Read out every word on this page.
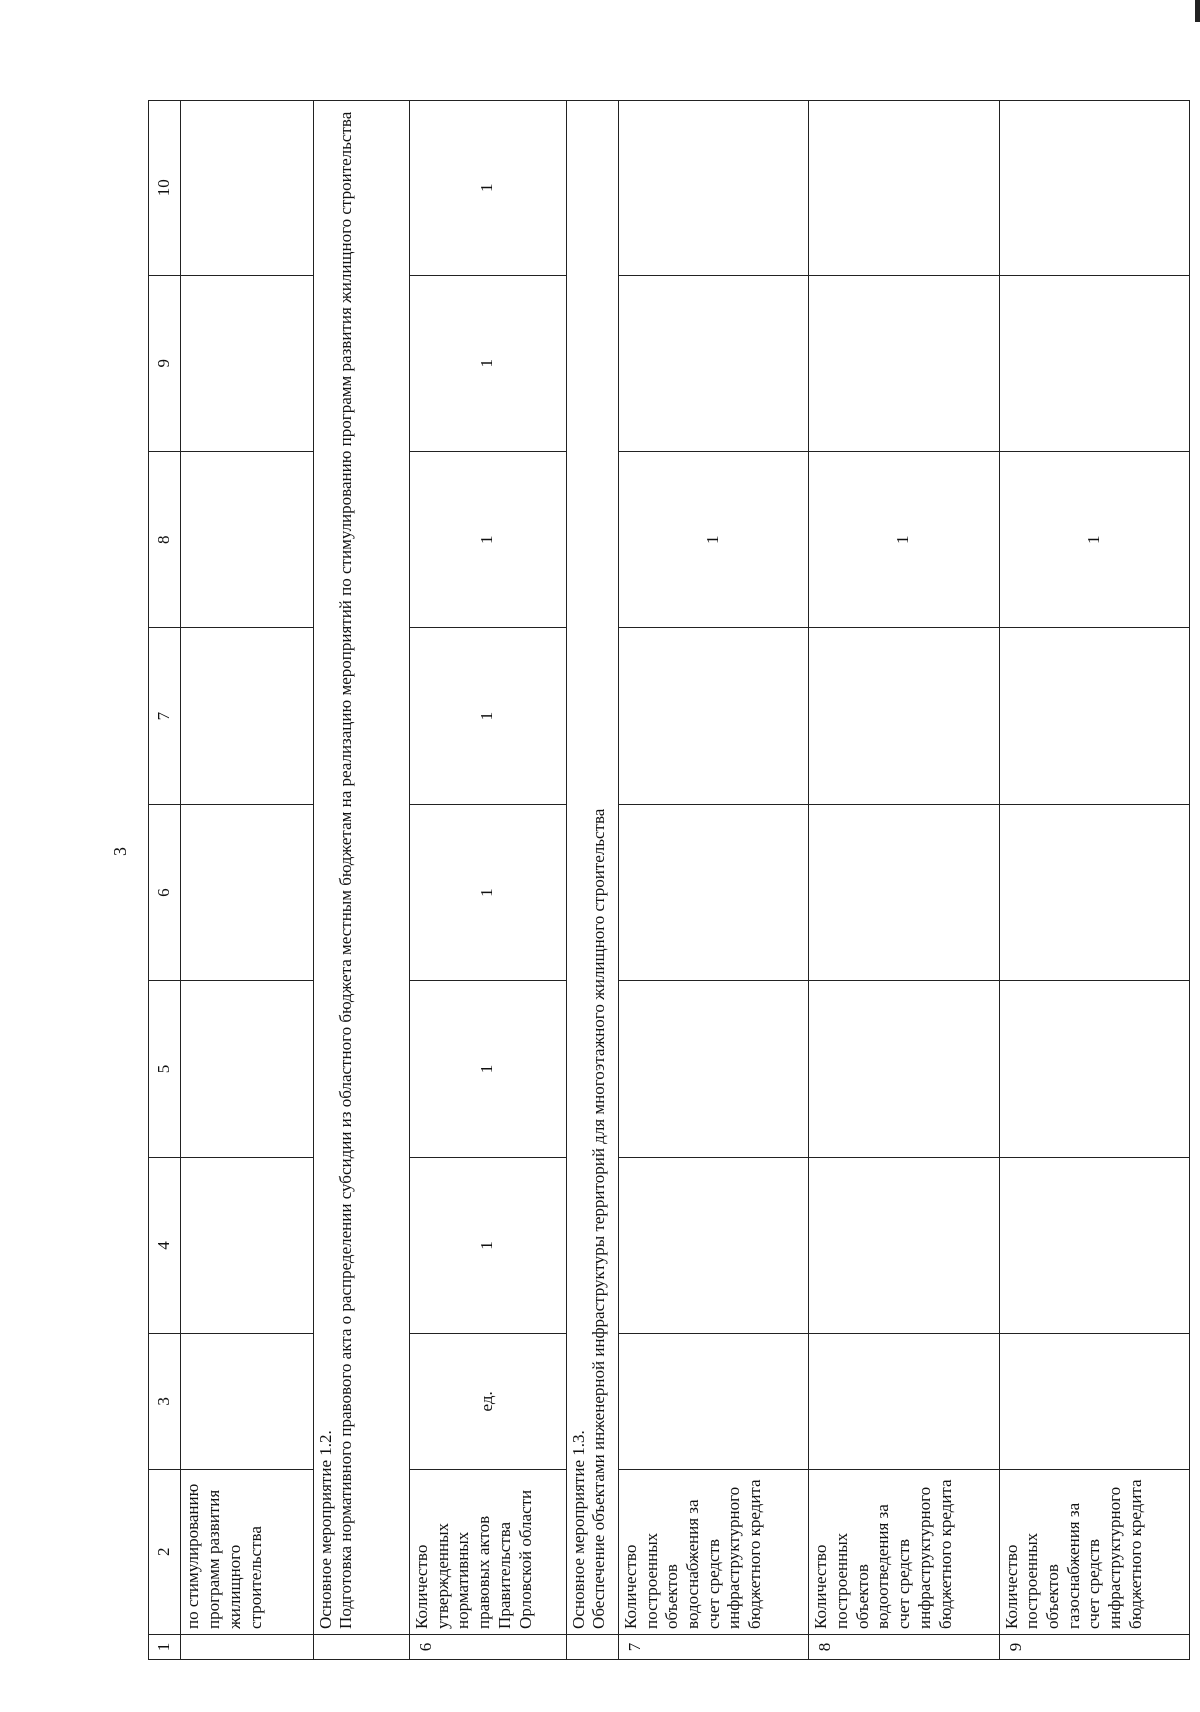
3
1	2	3	4	5	6	7	8	9	10
	по стимулированию программ развития жилищного строительства								

	Основное мероприятие 1.2. Подготовка нормативного правового акта о распределении субсидии из областного бюджета местным бюджетам на реализацию мероприятий по стимулированию программ развития жилищного строительства								

6	Количество утвержденных нормативных правовых актов Правительства Орловской области	ед.	1	1	1	1	1	1	1

	Основное мероприятие 1.3. Обеспечение объектами инженерной инфраструктуры территорий для многоэтажного жилищного строительства								

7	Количество построенных объектов водоснабжения за счет средств инфраструктурного бюджетного кредита						1		
8	Количество построенных объектов водоотведения за счет средств инфраструктурного бюджетного кредита						1		
9	Количество построенных объектов газоснабжения за счет средств инфраструктурного бюджетного кредита						1		
